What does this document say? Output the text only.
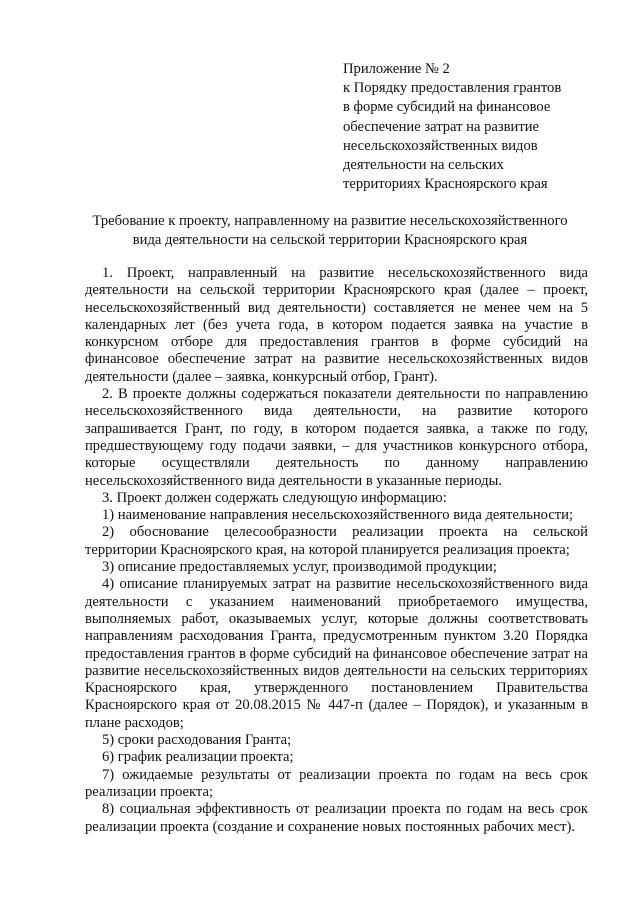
Приложение № 2
к Порядку предоставления грантов
в форме субсидий на финансовое
обеспечение затрат на развитие
несельскохозяйственных видов
деятельности на сельских
территориях Красноярского края
Требование к проекту, направленному на развитие несельскохозяйственного
вида деятельности на сельской территории Красноярского края

1. Проект, направленный на развитие несельскохозяйственного вида деятельности на сельской территории Красноярского края (далее – проект, несельскохозяйственный вид деятельности) составляется не менее чем на 5 календарных лет (без учета года, в котором подается заявка на участие в конкурсном отборе для предоставления грантов в форме субсидий на финансовое обеспечение затрат на развитие несельскохозяйственных видов деятельности (далее – заявка, конкурсный отбор, Грант).

2. В проекте должны содержаться показатели деятельности по направлению несельскохозяйственного вида деятельности, на развитие которого запрашивается Грант, по году, в котором подается заявка, а также по году, предшествующему году подачи заявки, – для участников конкурсного отбора, которые осуществляли деятельность по данному направлению несельскохозяйственного вида деятельности в указанные периоды.

3. Проект должен содержать следующую информацию:

1) наименование направления несельскохозяйственного вида деятельности;

2) обоснование целесообразности реализации проекта на сельской территории Красноярского края, на которой планируется реализация проекта;

3) описание предоставляемых услуг, производимой продукции;

4) описание планируемых затрат на развитие несельскохозяйственного вида деятельности с указанием наименований приобретаемого имущества, выполняемых работ, оказываемых услуг, которые должны соответствовать направлениям расходования Гранта, предусмотренным пунктом 3.20 Порядка предоставления грантов в форме субсидий на финансовое обеспечение затрат на развитие несельскохозяйственных видов деятельности на сельских территориях Красноярского края, утвержденного постановлением Правительства Красноярского края от 20.08.2015 № 447-п (далее – Порядок), и указанным в плане расходов;

5) сроки расходования Гранта;

6) график реализации проекта;

7) ожидаемые результаты от реализации проекта по годам на весь срок реализации проекта;

8) социальная эффективность от реализации проекта по годам на весь срок реализации проекта (создание и сохранение новых постоянных рабочих мест).
